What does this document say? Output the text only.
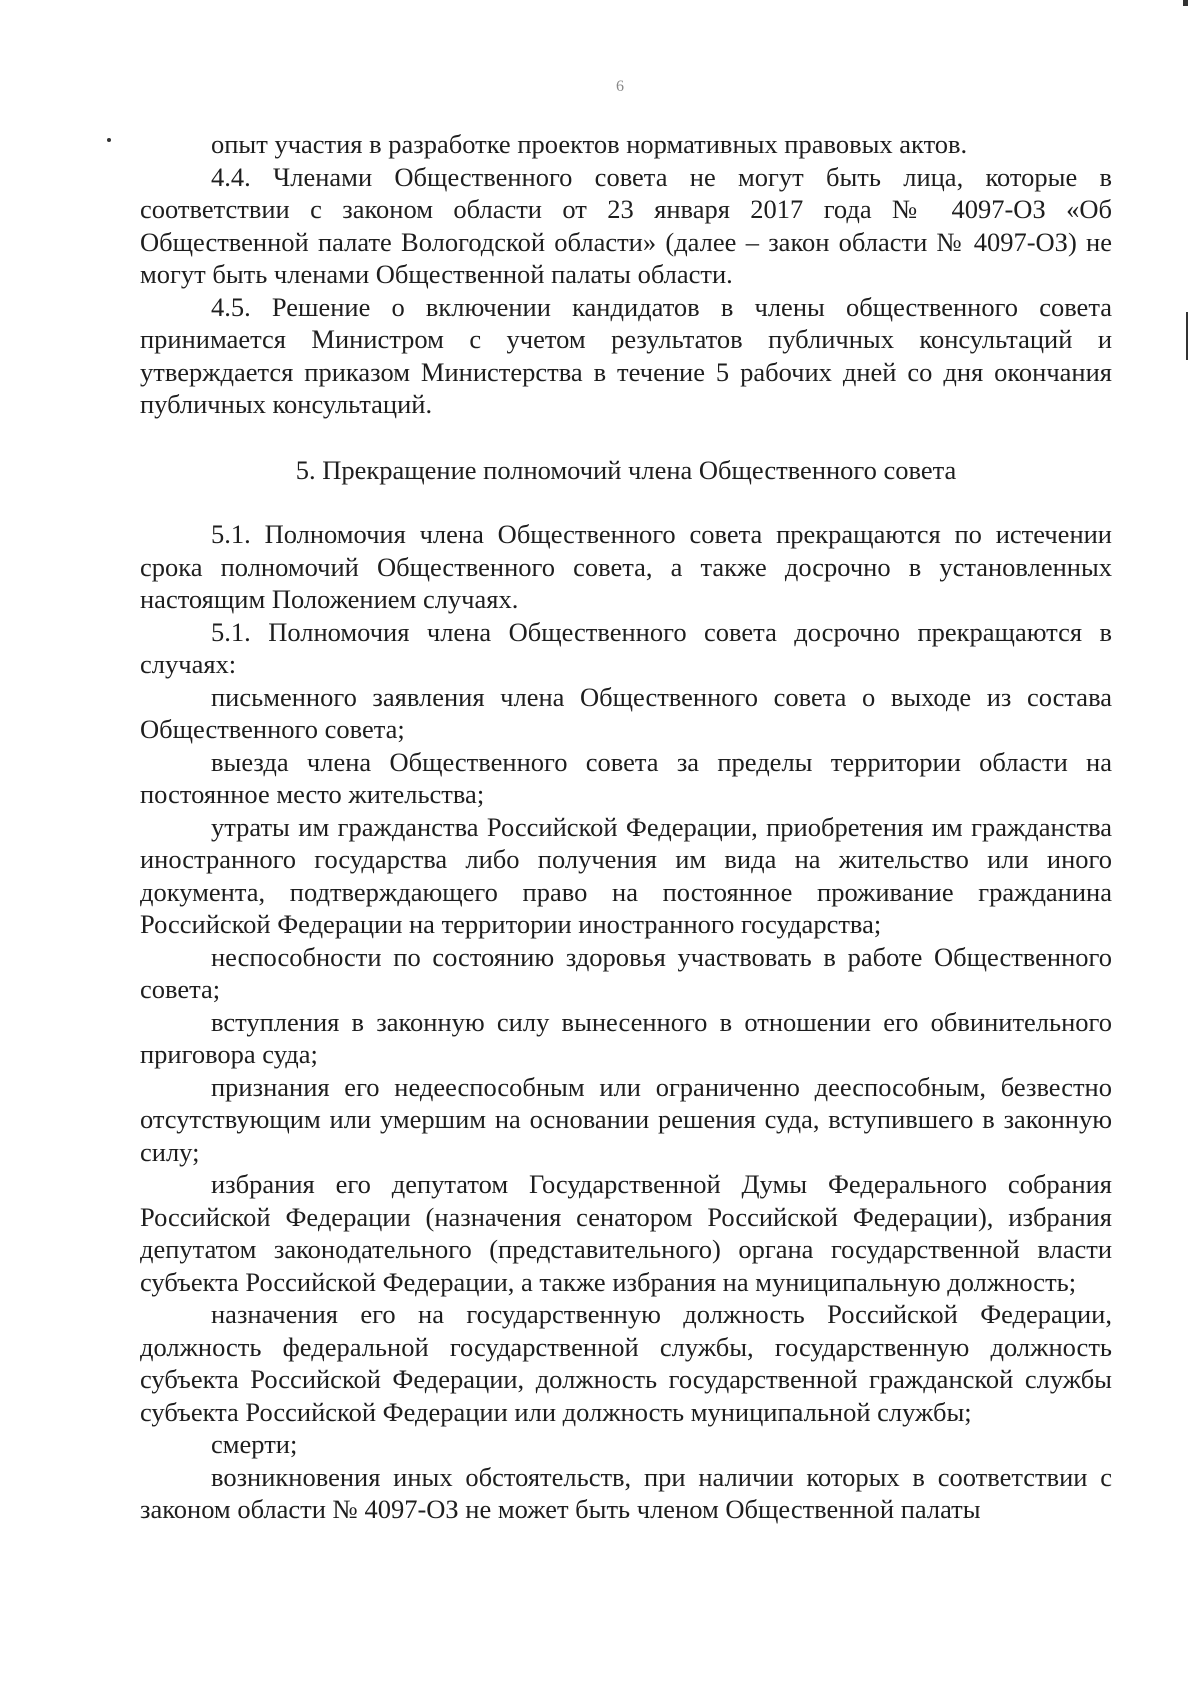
6

опыт участия в разработке проектов нормативных правовых актов.

4.4. Членами Общественного совета не могут быть лица, которые в соответствии с законом области от 23 января 2017 года № 4097-ОЗ «Об Общественной палате Вологодской области» (далее – закон области № 4097-ОЗ) не могут быть членами Общественной палаты области.

4.5. Решение о включении кандидатов в члены общественного совета принимается Министром с учетом результатов публичных консультаций и утверждается приказом Министерства в течение 5 рабочих дней со дня окончания публичных консультаций.

5. Прекращение полномочий члена Общественного совета

5.1. Полномочия члена Общественного совета прекращаются по истечении срока полномочий Общественного совета, а также досрочно в установленных настоящим Положением случаях.

5.1. Полномочия члена Общественного совета досрочно прекращаются в случаях:

письменного заявления члена Общественного совета о выходе из состава Общественного совета;

выезда члена Общественного совета за пределы территории области на постоянное место жительства;

утраты им гражданства Российской Федерации, приобретения им гражданства иностранного государства либо получения им вида на жительство или иного документа, подтверждающего право на постоянное проживание гражданина Российской Федерации на территории иностранного государства;

неспособности по состоянию здоровья участвовать в работе Общественного совета;

вступления в законную силу вынесенного в отношении его обвинительного приговора суда;

признания его недееспособным или ограниченно дееспособным, безвестно отсутствующим или умершим на основании решения суда, вступившего в законную силу;

избрания его депутатом Государственной Думы Федерального собрания Российской Федерации (назначения сенатором Российской Федерации), избрания депутатом законодательного (представительного) органа государственной власти субъекта Российской Федерации, а также избрания на муниципальную должность;

назначения его на государственную должность Российской Федерации, должность федеральной государственной службы, государственную должность субъекта Российской Федерации, должность государственной гражданской службы субъекта Российской Федерации или должность муниципальной службы;

смерти;

возникновения иных обстоятельств, при наличии которых в соответствии с законом области № 4097-ОЗ не может быть членом Общественной палаты
